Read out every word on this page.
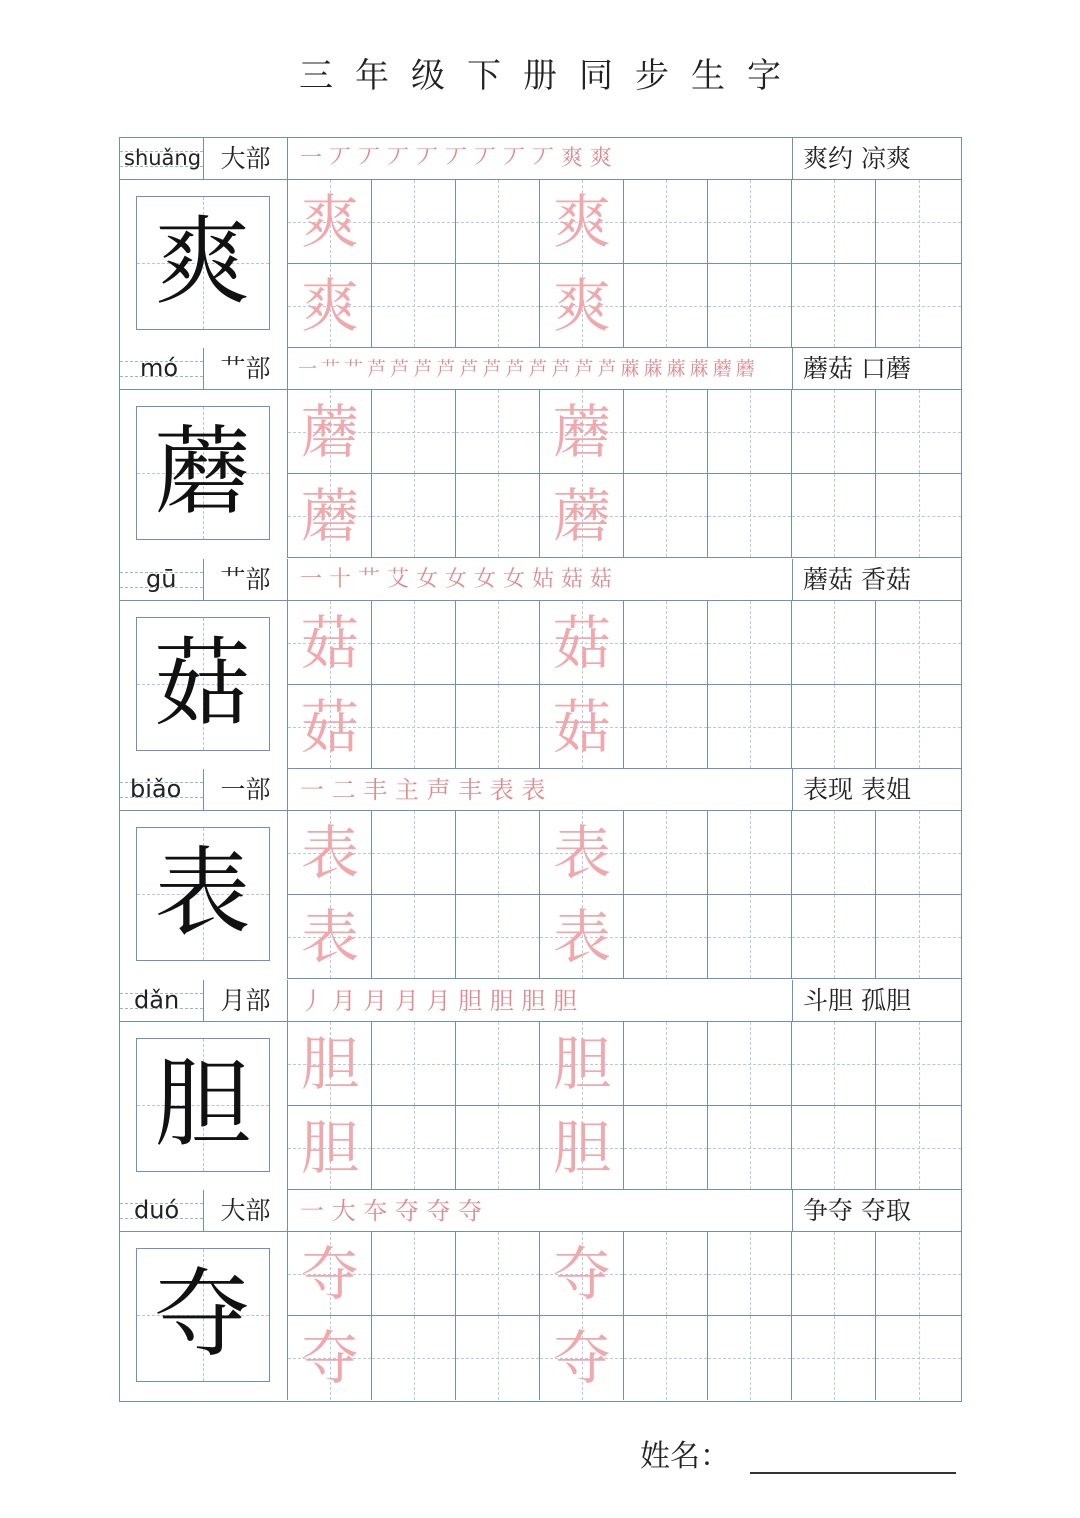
三年级下册同步生字
shuǎng 大部	一 丆 丆 丆 丆 丆 丆 丆 丆 爽 爽	爽约 凉爽
爽 爽	爽
爽	爽
mó	艹部	一 艹 艹 芦 芦 芦 芦 芦 芦 芦 芦 芦 芦 芦 蔴 蔴 蔴 蔴 蘑 蘑	蘑菇 口蘑
蘑 蘑	蘑
蘑	蘑
gū	艹部	一 十 艹 艾 女 女 女 女 姑 菇 菇	蘑菇 香菇
菇 菇	菇
菇	菇
biǎo	一部	一 二 丰 主 声 丰 表 表	表现 表姐
表 表	表
表	表
dǎn	月部	丿 月 月 月 月 胆 胆 胆 胆	斗胆 孤胆
胆 胆	胆
胆	胆
duó	大部	一 大 夲 夺 夺 夺	争夺 夺取
夺 夺	夺
夺	夺
姓名：
